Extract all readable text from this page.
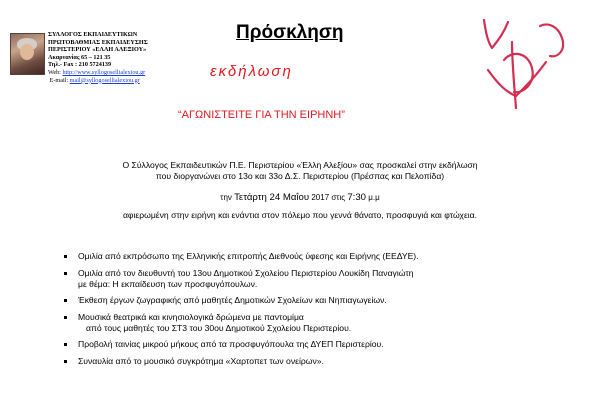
ΣΥΛΛΟΓΟΣ ΕΚΠΑΙΔΕΥΤΙΚΩΝ
ΠΡΩΤΟΒΑΘΜΙΑΣ ΕΚΠΑΙΔΕΥΣΗΣ
ΠΕΡΙΣΤΕΡΙΟΥ «ΕΛΛΗ ΑΛΕΞΙΟΥ»
Ακαρνανίας 65 – 121 35
Τηλ.- Fax : 210 5724139
Web: http://www.syllogosellialexiou.gr
E-mail: mail@syllogosellialexiou.gr
Πρόσκληση
εκδήλωση
“ΑΓΩΝΙΣΤΕΙΤΕ ΓΙΑ ΤΗΝ ΕΙΡΗΝΗ”
Ο Σύλλογος Εκπαιδευτικών Π.Ε. Περιστερίου «Έλλη Αλεξίου» σας προσκαλεί στην εκδήλωση
που διοργανώνει στο 13ο και 33ο Δ.Σ. Περιστερίου (Πρέσπας και Πελοπίδα)
την Τετάρτη 24 Μαΐου 2017 στις 7:30 μ.μ
αφιερωμένη στην ειρήνη και ενάντια στον πόλεμο που γεννά θάνατο, προσφυγιά και φτώχεια.
Ομιλία από εκπρόσωπο της Ελληνικής επιτροπής Διεθνούς ύφεσης και Ειρήνης (ΕΕΔΥΕ).
Ομιλία από τον διευθυντή του 13ου Δημοτικού Σχολείου Περιστερίου Λουκίδη Παναγιώτη
με θέμα: Η εκπαίδευση των προσφυγόπουλων.
Έκθεση έργων ζωγραφικής από μαθητές Δημοτικών Σχολείων και Νηπιαγωγείων.
Μουσικά θεατρικά και κινησιολογικά δρώμενα με παντομίμα
από τους μαθητές του ΣΤ3 του 30ου Δημοτικού Σχολείου Περιστερίου.
Προβολή ταινίας μικρού μήκους από τα προσφυγόπουλα της ΔΥΕΠ Περιστερίου.
Συναυλία από το μουσικό συγκρότημα «Χαρτοπετ των ονείρων».
